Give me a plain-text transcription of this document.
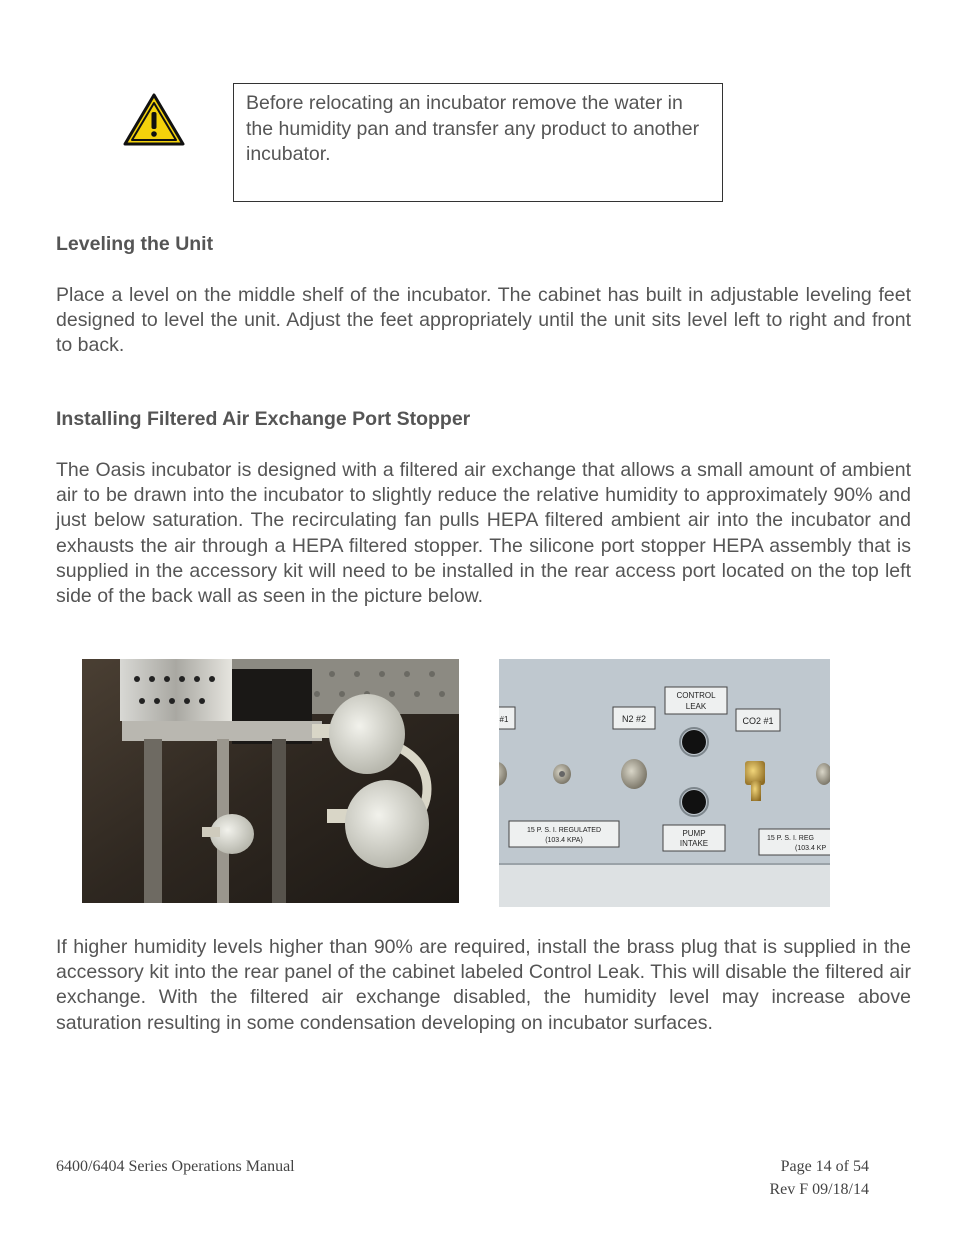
Before relocating an incubator remove the water in the humidity pan and transfer any product to another incubator.
Leveling the Unit

Place a level on the middle shelf of the incubator. The cabinet has built in adjustable leveling feet designed to level the unit. Adjust the feet appropriately until the unit sits level left to right and front to back.

Installing Filtered Air Exchange Port Stopper

The Oasis incubator is designed with a filtered air exchange that allows a small amount of ambient air to be drawn into the incubator to slightly reduce the relative humidity to approximately 90% and just below saturation. The recirculating fan pulls HEPA filtered ambient air into the incubator and exhausts the air through a HEPA filtered stopper. The silicone port stopper HEPA assembly that is supplied in the accessory kit will need to be installed in the rear access port located on the top left side of the back wall as seen in the picture below.

#1	N2 #2
CONTROL
LEAK
CO2 #1
15 P. S. I. REGULATED
(103.4 KPA)
PUMP
INTAKE
15 P. S. I. REG
(103.4 KP

If higher humidity levels higher than 90% are required, install the brass plug that is supplied in the accessory kit into the rear panel of the cabinet labeled Control Leak. This will disable the filtered air exchange. With the filtered air exchange disabled, the humidity level may increase above saturation resulting in some condensation developing on incubator surfaces.

6400/6404 Series Operations Manual	Page 14 of 54
Rev F 09/18/14
